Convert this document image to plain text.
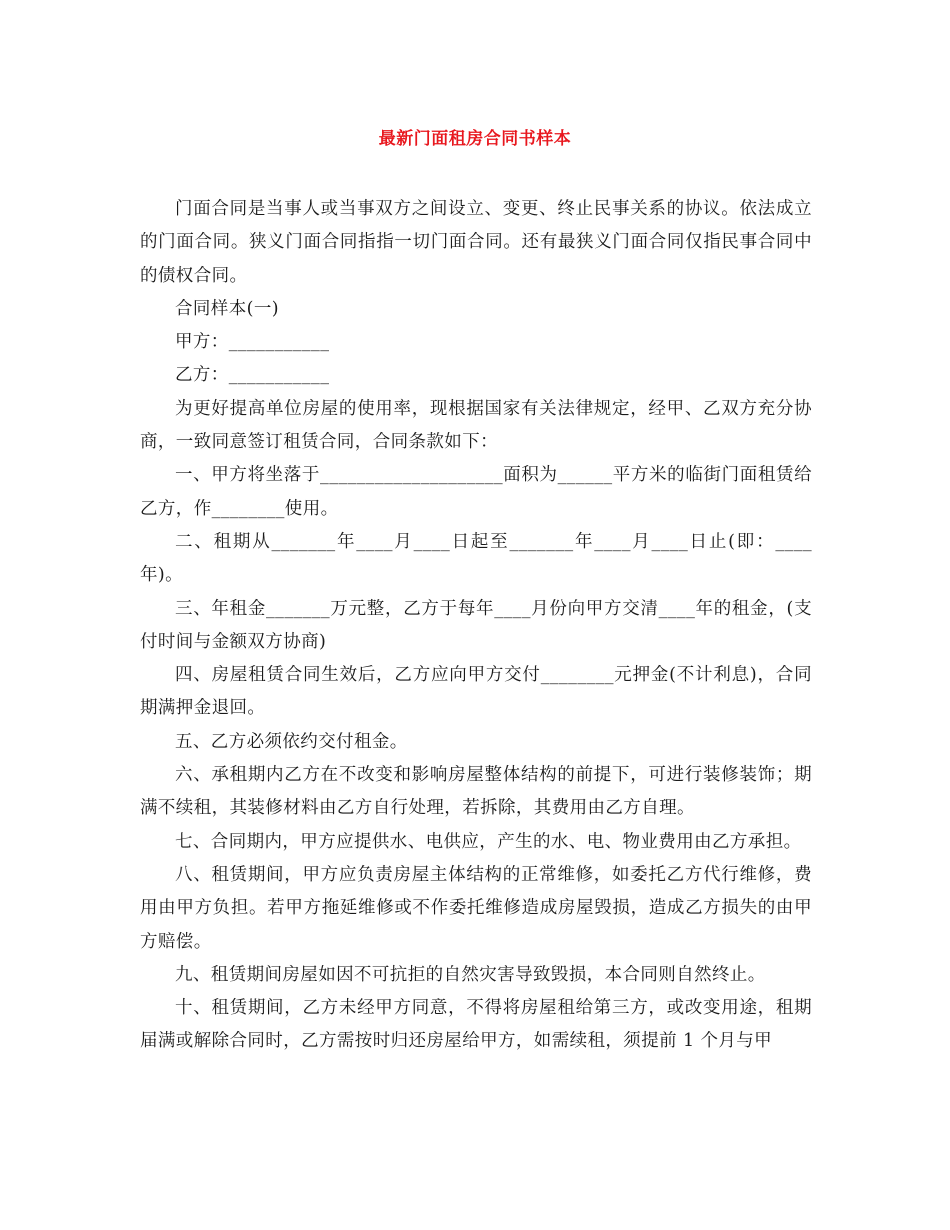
最新门面租房合同书样本

门面合同是当事人或当事双方之间设立、变更、终止民事关系的协议。依法成立的门面合同。狭义门面合同指指一切门面合同。还有最狭义门面合同仅指民事合同中的债权合同。

合同样本(一)

甲方：___________

乙方：___________

为更好提高单位房屋的使用率，现根据国家有关法律规定，经甲、乙双方充分协商，一致同意签订租赁合同，合同条款如下：

一、甲方将坐落于____________________面积为______平方米的临街门面租赁给乙方，作________使用。

二、租期从_______年____月____日起至_______年____月____日止(即：____年)。

三、年租金_______万元整，乙方于每年____月份向甲方交清____年的租金，(支付时间与金额双方协商)

四、房屋租赁合同生效后，乙方应向甲方交付________元押金(不计利息)，合同期满押金退回。

五、乙方必须依约交付租金。

六、承租期内乙方在不改变和影响房屋整体结构的前提下，可进行装修装饰；期满不续租，其装修材料由乙方自行处理，若拆除，其费用由乙方自理。

七、合同期内，甲方应提供水、电供应，产生的水、电、物业费用由乙方承担。

八、租赁期间，甲方应负责房屋主体结构的正常维修，如委托乙方代行维修，费用由甲方负担。若甲方拖延维修或不作委托维修造成房屋毁损，造成乙方损失的由甲方赔偿。

九、租赁期间房屋如因不可抗拒的自然灾害导致毁损，本合同则自然终止。

十、租赁期间，乙方未经甲方同意，不得将房屋租给第三方，或改变用途，租期届满或解除合同时，乙方需按时归还房屋给甲方，如需续租，须提前 1 个月与甲
